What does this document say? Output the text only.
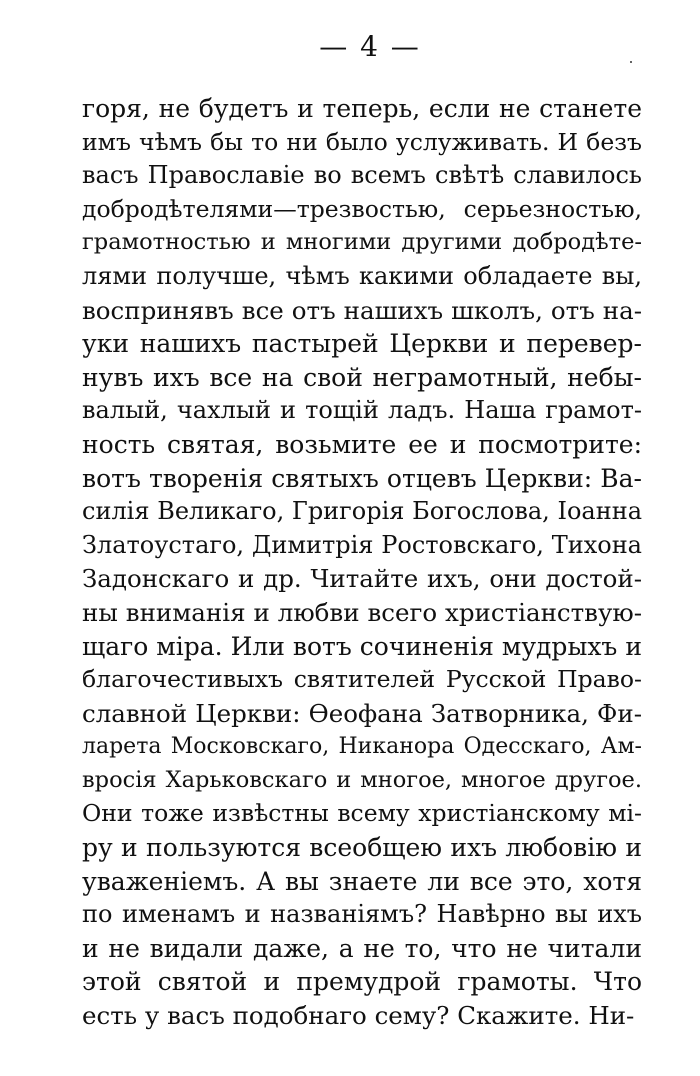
— 4 —
горя, не будетъ и теперь, если не станете
имъ чѣмъ бы то ни было услуживать. И безъ
васъ Православіе во всемъ свѣтѣ славилось
добродѣтелями—трезвостью, серьезностью,
грамотностью и многими другими добродѣте-
лями получше, чѣмъ какими обладаете вы,
воспринявъ все отъ нашихъ школъ, отъ на-
уки нашихъ пастырей Церкви и перевер-
нувъ ихъ все на свой неграмотный, небы-
валый, чахлый и тощій ладъ. Наша грамот-
ность святая, возьмите ее и посмотрите:
вотъ творенія святыхъ отцевъ Церкви: Ва-
силія Великаго, Григорія Богослова, Іоанна
Златоустаго, Димитрія Ростовскаго, Тихона
Задонскаго и др. Читайте ихъ, они достой-
ны вниманія и любви всего христіанствую-
щаго міра. Или вотъ сочиненія мудрыхъ и
благочестивыхъ святителей Русской Право-
славной Церкви: Ѳеофана Затворника, Фи-
ларета Московскаго, Никанора Одесскаго, Ам-
вросія Харьковскаго и многое, многое другое.
Они тоже извѣстны всему христіанскому мі-
ру и пользуются всеобщею ихъ любовію и
уваженіемъ. А вы знаете ли все это, хотя
по именамъ и названіямъ? Навѣрно вы ихъ
и не видали даже, а не то, что не читали
этой святой и премудрой грамоты. Что
есть у васъ подобнаго сему? Скажите. Ни-
